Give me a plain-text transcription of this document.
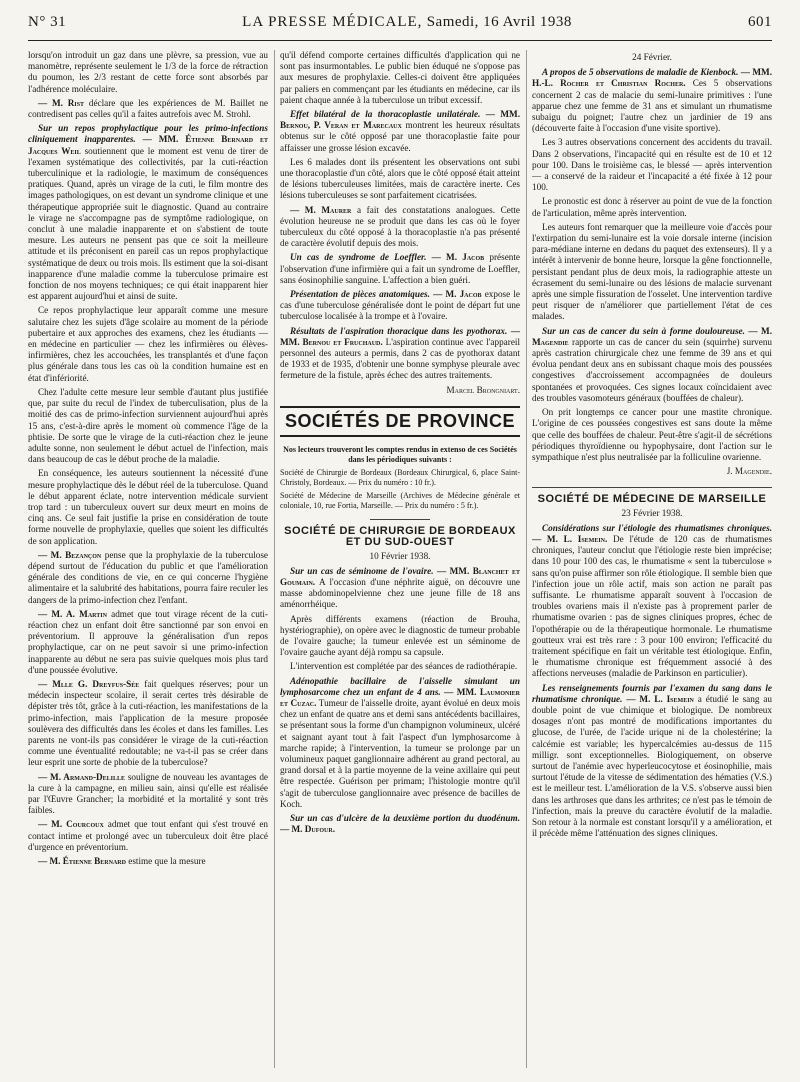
N° 31	LA PRESSE MÉDICALE, Samedi, 16 Avril 1938	601

lorsqu'on introduit un gaz dans une plèvre, sa pression, vue au manomètre, représente seulement le 1/3 de la force de rétraction du poumon, les 2/3 restant de cette force sont absorbés par l'adhérence moléculaire.

— M. Rist déclare que les expériences de M. Baillet ne contredisent pas celles qu'il a faites autrefois avec M. Strohl.

Sur un repos prophylactique pour les primo-infections cliniquement inapparentes. — MM. Étienne Bernard et Jacques Weil soutiennent que le moment est venu de tirer de l'examen systématique des collectivités, par la cuti-réaction tuberculinique et la radiologie, le maximum de conséquences pratiques. Quand, après un virage de la cuti, le film montre des images pathologiques, on est devant un syndrome clinique et une thérapeutique appropriée suit le diagnostic. Quand au contraire le virage ne s'accompagne pas de symptôme radiologique, on conclut à une maladie inapparente et on s'abstient de toute mesure. Les auteurs ne pensent pas que ce soit la meilleure attitude et ils préconisent en pareil cas un repos prophylactique systématique de deux ou trois mois. Ils estiment que la soi-disant inapparence d'une maladie comme la tuberculose primaire est fonction de nos moyens techniques; ce qui était inapparent hier est apparent aujourd'hui et ainsi de suite.

Ce repos prophylactique leur apparaît comme une mesure salutaire chez les sujets d'âge scolaire au moment de la période pubertaire et aux approches des examens, chez les étudiants — en médecine en particulier — chez les infirmières ou élèves-infirmières, chez les accouchées, les transplantés et d'une façon plus générale dans tous les cas où la condition humaine est en état d'infériorité.

Chez l'adulte cette mesure leur semble d'autant plus justifiée que, par suite du recul de l'index de tuberculisation, plus de la moitié des cas de primo-infection surviennent aujourd'hui après 15 ans, c'est-à-dire après le moment où commence l'âge de la phtisie. De sorte que le virage de la cuti-réaction chez le jeune adulte sonne, non seulement le début actuel de l'infection, mais dans beaucoup de cas le début proche de la maladie.

En conséquence, les auteurs soutiennent la nécessité d'une mesure prophylactique dès le début réel de la tuberculose. Quand le début apparent éclate, notre intervention médicale survient trop tard : un tuberculeux ouvert sur deux meurt en moins de cinq ans. Ce seul fait justifie la prise en considération de toute forme nouvelle de prophylaxie, quelles que soient les difficultés de son application.

— M. Bezançon pense que la prophylaxie de la tuberculose dépend surtout de l'éducation du public et que l'amélioration générale des conditions de vie, en ce qui concerne l'hygiène alimentaire et la salubrité des habitations, pourra faire reculer les dangers de la primo-infection chez l'enfant.

— M. A. Martin admet que tout virage récent de la cuti-réaction chez un enfant doit être sanctionné par son envoi en préventorium. Il approuve la généralisation d'un repos prophylactique, car on ne peut savoir si une primo-infection inapparente au début ne sera pas suivie quelques mois plus tard d'une poussée évolutive.

— Mlle G. Dreyfus-Sée fait quelques réserves; pour un médecin inspecteur scolaire, il serait certes très désirable de dépister très tôt, grâce à la cuti-réaction, les manifestations de la primo-infection, mais l'application de la mesure proposée soulèvera des difficultés dans les écoles et dans les familles. Les parents ne vont-ils pas considérer le virage de la cuti-réaction comme une éventualité redoutable; ne va-t-il pas se créer dans leur esprit une sorte de phobie de la tuberculose?

— M. Armand-Delille souligne de nouveau les avantages de la cure à la campagne, en milieu sain, ainsi qu'elle est réalisée par l'Œuvre Grancher; la morbidité et la mortalité y sont très faibles.

— M. Courcoux admet que tout enfant qui s'est trouvé en contact intime et prolongé avec un tuberculeux doit être placé d'urgence en préventorium.

— M. Étienne Bernard estime que la mesure

qu'il défend comporte certaines difficultés d'application qui ne sont pas insurmontables. Le public bien éduqué ne s'oppose pas aux mesures de prophylaxie. Celles-ci doivent être appliquées par paliers en commençant par les étudiants en médecine, car ils paient chaque année à la tuberculose un tribut excessif.

Effet bilatéral de la thoracoplastie unilatérale. — MM. Bernou, P. Veran et Marecaux montrent les heureux résultats obtenus sur le côté opposé par une thoracoplastie faite pour affaisser une grosse lésion excavée.

Les 6 malades dont ils présentent les observations ont subi une thoracoplastie d'un côté, alors que le côté opposé était atteint de lésions tuberculeuses limitées, mais de caractère inerte. Ces lésions tuberculeuses se sont parfaitement cicatrisées.

— M. Maurer a fait des constatations analogues. Cette évolution heureuse ne se produit que dans les cas où le foyer tuberculeux du côté opposé à la thoracoplastie n'a pas présenté de caractère évolutif depuis des mois.

Un cas de syndrome de Loeffler. — M. Jacob présente l'observation d'une infirmière qui a fait un syndrome de Loeffler, sans éosinophilie sanguine. L'affection a bien guéri.

Présentation de pièces anatomiques. — M. Jacob expose le cas d'une tuberculose généralisée dont le point de départ fut une tuberculose localisée à la trompe et à l'ovaire.

Résultats de l'aspiration thoracique dans les pyothorax. — MM. Bernou et Fruchaud. L'aspiration continue avec l'appareil personnel des auteurs a permis, dans 2 cas de pyothorax datant de 1933 et de 1935, d'obtenir une bonne symphyse pleurale avec fermeture de la fistule, après échec des autres traitements.

Marcel Brongniart.
SOCIÉTÉS DE PROVINCE

Nos lecteurs trouveront les comptes rendus in extenso de ces Sociétés dans les périodiques suivants :

Société de Chirurgie de Bordeaux (Bordeaux Chirurgical, 6, place Saint-Christoly, Bordeaux. — Prix du numéro : 10 fr.).

Société de Médecine de Marseille (Archives de Médecine générale et coloniale, 10, rue Fortia, Marseille. — Prix du numéro : 5 fr.).

SOCIÉTÉ DE CHIRURGIE DE BORDEAUX
ET DU SUD-OUEST
10 Février 1938.

Sur un cas de séminome de l'ovaire. — MM. Blanchet et Goumain. A l'occasion d'une néphrite aiguë, on découvre une masse abdominopelvienne chez une jeune fille de 18 ans aménorrhéique.

Après différents examens (réaction de Brouha, hystériographie), on opère avec le diagnostic de tumeur probable de l'ovaire gauche; la tumeur enlevée est un séminome de l'ovaire gauche ayant déjà rompu sa capsule.

L'intervention est complétée par des séances de radiothérapie.

Adénopathie bacillaire de l'aisselle simulant un lymphosarcome chez un enfant de 4 ans. — MM. Laumonier et Cuzac. Tumeur de l'aisselle droite, ayant évolué en deux mois chez un enfant de quatre ans et demi sans antécédents bacillaires, se présentant sous la forme d'un champignon volumineux, ulcéré et saignant ayant tout à fait l'aspect d'un lymphosarcome à marche rapide; à l'intervention, la tumeur se prolonge par un volumineux paquet ganglionnaire adhérent au grand pectoral, au grand dorsal et à la partie moyenne de la veine axillaire qui peut être respectée. Guérison per primam; l'histologie montre qu'il s'agit de tuberculose ganglionnaire avec présence de bacilles de Koch.

Sur un cas d'ulcère de la deuxième portion du duodénum. — M. Dufour.

24 Février.

A propos de 5 observations de maladie de Kienbock. — MM. H.-L. Rocher et Christian Rocher. Ces 5 observations concernent 2 cas de malacie du semi-lunaire primitives : l'une apparue chez une femme de 31 ans et simulant un rhumatisme subaigu du poignet; l'autre chez un jardinier de 19 ans (découverte faite à l'occasion d'une visite sportive).

Les 3 autres observations concernent des accidents du travail. Dans 2 observations, l'incapacité qui en résulte est de 10 et 12 pour 100. Dans le troisième cas, le blessé — après intervention — a conservé de la raideur et l'incapacité a été fixée à 12 pour 100.

Le pronostic est donc à réserver au point de vue de la fonction de l'articulation, même après intervention.

Les auteurs font remarquer que la meilleure voie d'accès pour l'extirpation du semi-lunaire est la voie dorsale interne (incision para-médiane interne en dedans du paquet des extenseurs). Il y a intérêt à intervenir de bonne heure, lorsque la gêne fonctionnelle, persistant pendant plus de deux mois, la radiographie atteste un écrasement du semi-lunaire ou des lésions de malacie survenant après une simple fissuration de l'osselet. Une intervention tardive peut risquer de n'améliorer que partiellement l'état de ces malades.

Sur un cas de cancer du sein à forme douloureuse. — M. Magendie rapporte un cas de cancer du sein (squirrhe) survenu après castration chirurgicale chez une femme de 39 ans et qui évolua pendant deux ans en subissant chaque mois des poussées congestives d'accroissement accompagnées de douleurs spontanées et provoquées. Ces signes locaux coïncidaient avec des troubles vasomoteurs généraux (bouffées de chaleur).

On prit longtemps ce cancer pour une mastite chronique. L'origine de ces poussées congestives est sans doute la même que celle des bouffées de chaleur. Peut-être s'agit-il de sécrétions périodiques thyroïdienne ou hypophysaire, dont l'action sur le sympathique n'est plus neutralisée par la folliculine ovarienne.

J. Magendie.
SOCIÉTÉ DE MÉDECINE DE MARSEILLE
23 Février 1938.

Considérations sur l'étiologie des rhumatismes chroniques. — M. L. Isemein. De l'étude de 120 cas de rhumatismes chroniques, l'auteur conclut que l'étiologie reste bien imprécise; dans 10 pour 100 des cas, le rhumatisme « sent la tuberculose » sans qu'on puise affirmer son rôle étiologique. Il semble bien que l'infection joue un rôle actif, mais son action ne paraît pas suffisante. Le rhumatisme apparaît souvent à l'occasion de troubles ovariens mais il n'existe pas à proprement parler de rhumatisme ovarien : pas de signes cliniques propres, échec de l'opothérapie ou de la thérapeutique hormonale. Le rhumatisme goutteux vrai est très rare : 3 pour 100 environ; l'efficacité du traitement spécifique en fait un véritable test étiologique. Enfin, le rhumatisme chronique est fréquemment associé à des affections nerveuses (maladie de Parkinson en particulier).

Les renseignements fournis par l'examen du sang dans le rhumatisme chronique. — M. L. Isemein a étudié le sang au double point de vue chimique et biologique. De nombreux dosages n'ont pas montré de modifications importantes du glucose, de l'urée, de l'acide urique ni de la cholestérine; la calcémie est variable; les hypercalcémies au-dessus de 115 milligr. sont exceptionnelles. Biologiquement, on observe surtout de l'anémie avec hyperleucocytose et éosinophilie, mais surtout l'étude de la vitesse de sédimentation des hématies (V.S.) est le meilleur test. L'amélioration de la V.S. s'observe aussi bien dans les arthroses que dans les arthrites; ce n'est pas le témoin de l'infection, mais la preuve du caractère évolutif de la maladie. Son retour à la normale est constant lorsqu'il y a amélioration, et il précède même l'atténuation des signes cliniques.
